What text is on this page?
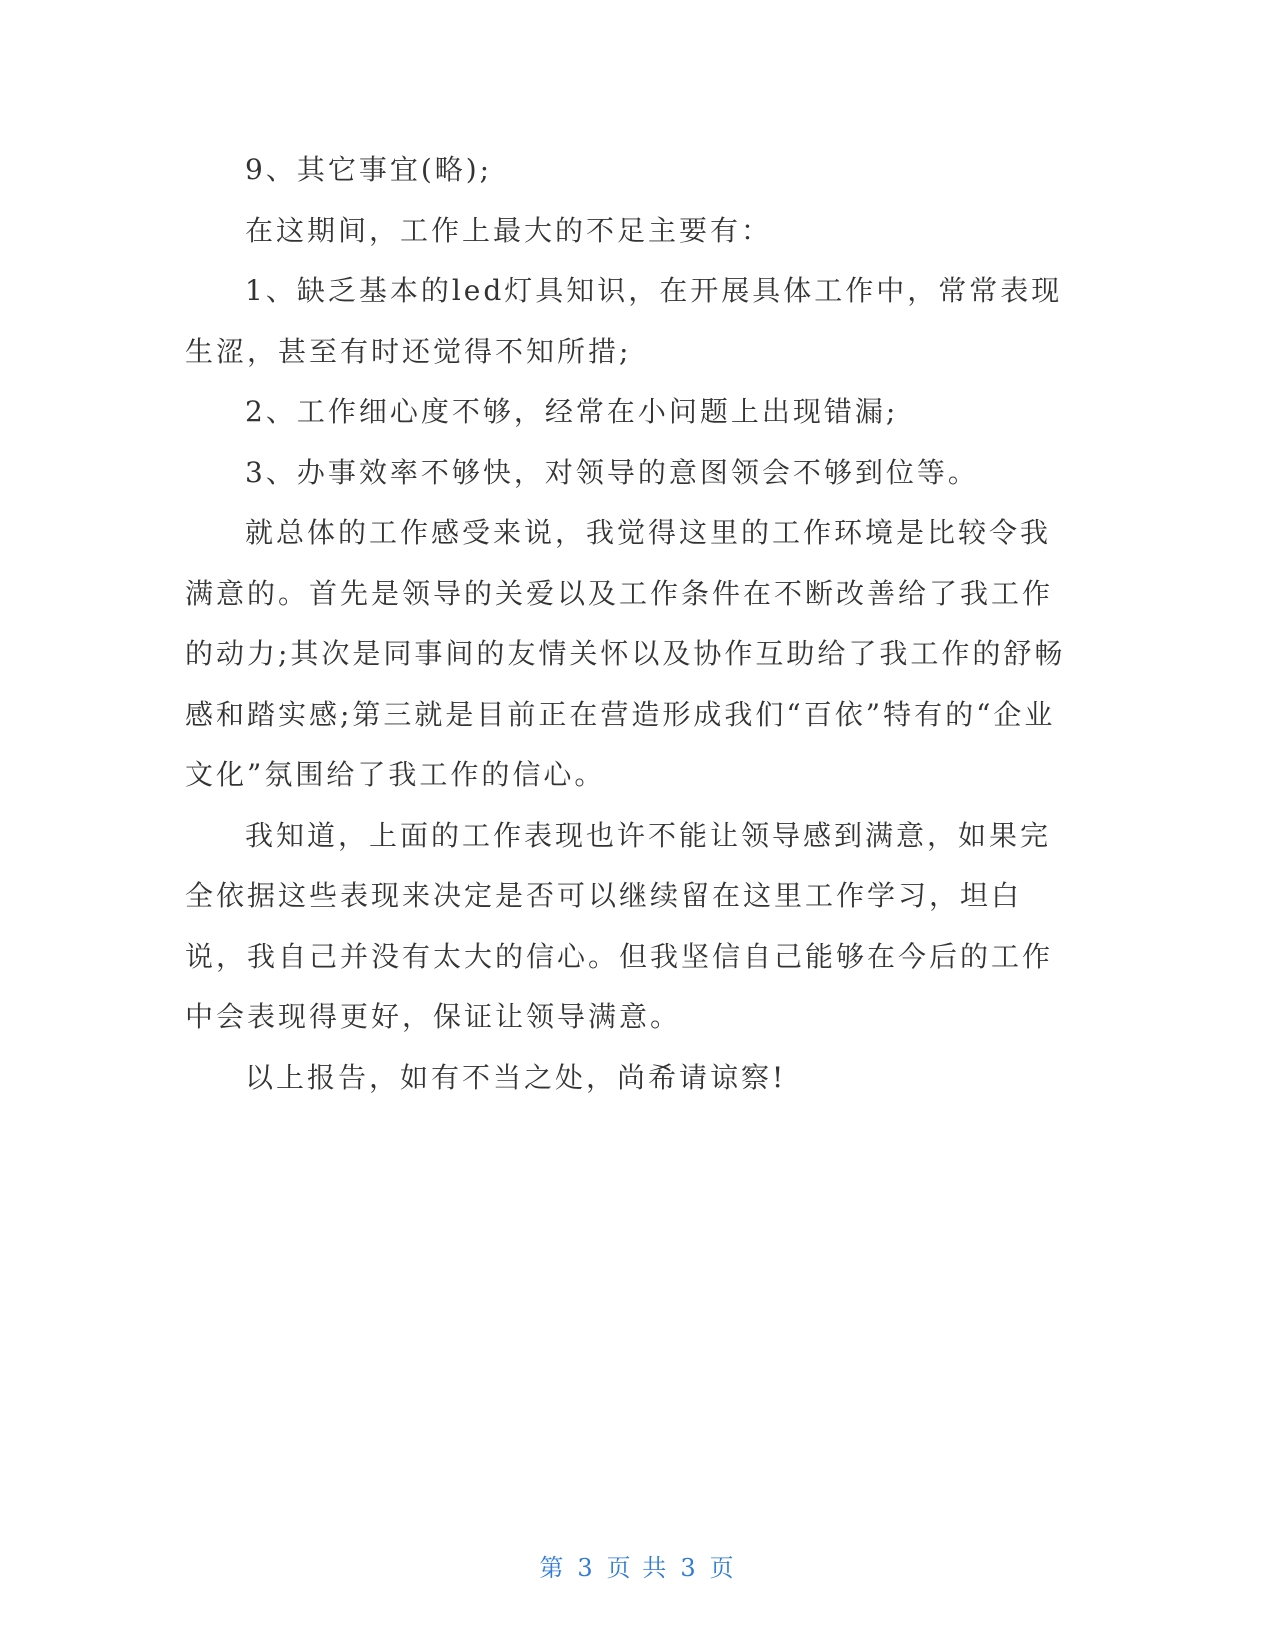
9、其它事宜(略);

在这期间，工作上最大的不足主要有：

1、缺乏基本的led灯具知识，在开展具体工作中，常常表现生涩，甚至有时还觉得不知所措;

2、工作细心度不够，经常在小问题上出现错漏;

3、办事效率不够快，对领导的意图领会不够到位等。

就总体的工作感受来说，我觉得这里的工作环境是比较令我满意的。首先是领导的关爱以及工作条件在不断改善给了我工作的动力;其次是同事间的友情关怀以及协作互助给了我工作的舒畅感和踏实感;第三就是目前正在营造形成我们“百依”特有的“企业文化”氛围给了我工作的信心。

我知道，上面的工作表现也许不能让领导感到满意，如果完全依据这些表现来决定是否可以继续留在这里工作学习，坦白说，我自己并没有太大的信心。但我坚信自己能够在今后的工作中会表现得更好，保证让领导满意。

以上报告，如有不当之处，尚希请谅察!

第 3 页 共 3 页
